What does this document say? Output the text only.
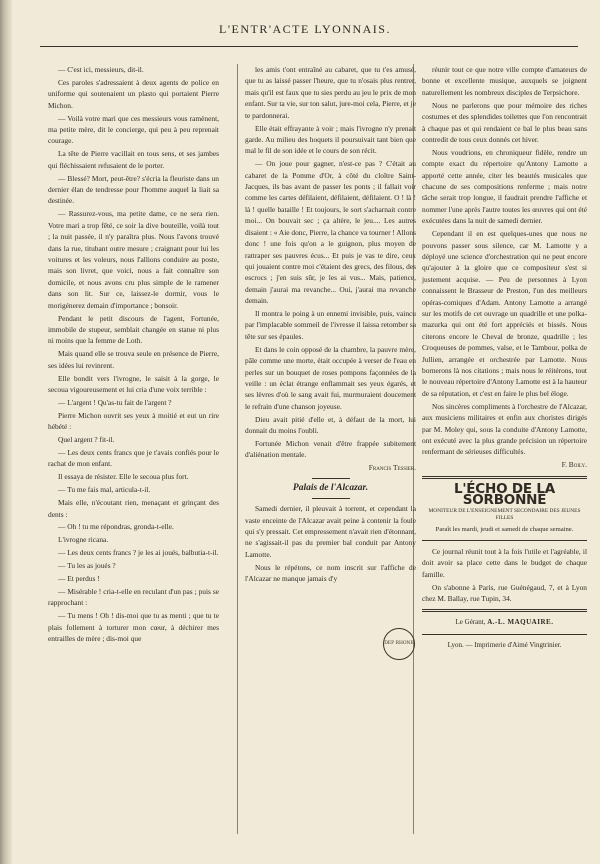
L'ENTR'ACTE LYONNAIS.

— C'est ici, messieurs, dit-il.

Ces paroles s'adressaient à deux agents de police en uniforme qui soutenaient un plasto qui portaient Pierre Michon.

— Voilà votre mari que ces messieurs vous ramènent, ma petite mère, dit le concierge, qui peu à peu reprenait courage.

La tête de Pierre vacillait en tous sens, et ses jambes qui fléchissaient refusaient de le porter.

— Blessé? Mort, peut-être? s'écria la fleuriste dans un dernier élan de tendresse pour l'homme auquel la liait sa destinée.

— Rassurez-vous, ma petite dame, ce ne sera rien. Votre mari a trop fêté, ce soir la dive bouteille, voilà tout ; la nuit passée, il n'y paraîtra plus. Nous l'avons trouvé dans la rue, titubant outre mesure ; craignant pour lui les voitures et les voleurs, nous l'allions conduire au poste, mais son livret, que voici, nous a fait connaître son domicile, et nous avons cru plus simple de le ramener dans son lit. Sur ce, laissez-le dormir, vous le morigénerez demain d'importance ; bonsoir.

Pendant le petit discours de l'agent, Fortunée, immobile de stupeur, semblait changée en statue ni plus ni moins que la femme de Loth.

Mais quand elle se trouva seule en présence de Pierre, ses idées lui revinrent.

Elle bondit vers l'ivrogne, le saisit à la gorge, le secoua vigoureusement et lui cria d'une voix terrible :

— L'argent ! Qu'as-tu fait de l'argent ?

Pierre Michon ouvrit ses yeux à moitié et eut un rire hébété :

Quel argent ? fit-il.

— Les deux cents francs que je t'avais confiés pour le rachat de mon enfant.

Il essaya de résister. Elle le secoua plus fort.

— Tu me fais mal, articula-t-il.

Mais elle, n'écoutant rien, menaçant et grinçant des dents :

— Oh ! tu me répondras, gronda-t-elle.

L'ivrogne ricana.

— Les deux cents francs ? je les ai joués, balbutia-t-il.

— Tu les as joués ?

— Et perdus !

— Misérable ! cria-t-elle en reculant d'un pas ; puis se rapprochant :

— Tu mens ! Oh ! dis-moi que tu as menti ; que tu te plais follement à torturer mon cœur, à déchirer mes entrailles de mère ; dis-moi que

les amis t'ont entraîné au cabaret, que tu t'es amusé, que tu as laissé passer l'heure, que tu n'osais plus rentrer, mais qu'il est faux que tu sies perdu au jeu le prix de mon enfant. Sur ta vie, sur ton salut, jure-moi cela, Pierre, et je te pardonnerai.

Elle était effrayante à voir ; mais l'ivrogne n'y prenait garde. Au milieu des hoquets il poursuivait tant bien que mal le fil de son idée et le cours de son récit.

— On joue pour gagner, n'est-ce pas ? C'était au cabaret de la Pomme d'Or, à côté du cloître Saint-Jacques, ils bas avant de passer les ponts ; il fallait voir comme les cartes défilaient, défilaient, défilaient. O ! là ! là ! quelle bataille ! Et toujours, le sort s'acharnait contre moi... On bouvait sec ; ça altère, le jeu.... Les autres disaient : « Aie donc, Pierre, la chance va tourner ! Allons donc ! une fois qu'on a le guignon, plus moyen de rattraper ses pauvres écus... Et puis je vas te dire, ceux qui jouaient contre moi c'étaient des grecs, des filous, des escrocs ; j'en suis sûr, je les ai vus... Mais, patience, demain j'aurai ma revanche... Oui, j'aurai ma revanche demain.

Il montra le poing à un ennemi invisible, puis, vaincu par l'implacable sommeil de l'ivresse il laissa retomber sa tête sur ses épaules.

Et dans le coin opposé de la chambre, la pauvre mère, pâle comme une morte, était occupée à verser de l'eau en perles sur un bouquet de roses pompons façonnées de la veille : un éclat étrange enflammait ses yeux égarés, et ses lèvres d'où le sang avait fui, murmuraient doucement le refrain d'une chanson joyeuse.

Dieu avait pitié d'elle et, à défaut de la mort, lui donnait du moins l'oubli.

Fortunée Michon venait d'être frappée subitement d'aliénation mentale.

Francis Tessier.

Palais de l'Alcazar.

Samedi dernier, il pleuvait à torrent, et cependant la vaste enceinte de l'Alcazar avait peine à contenir la foule qui s'y pressait. Cet empressement n'avait rien d'étonnant, ne s'agissait-il pas du premier bal conduit par Antony Lamotte.

Nous le répétons, ce nom inscrit sur l'affiche de l'Alcazar ne manque jamais d'y

DEP RHONE

réunir tout ce que notre ville compte d'amateurs de bonne et excellente musique, auxquels se joignent naturellement les nombreux disciples de Terpsichore.

Nous ne parlerons que pour mémoire des riches costumes et des splendides toilettes que l'on rencontrait à chaque pas et qui rendaient ce bal le plus beau sans contredit de tous ceux donnés cet hiver.

Nous voudrions, en chroniqueur fidèle, rendre un compte exact du répertoire qu'Antony Lamotte a apporté cette année, citer les beautés musicales que chacune de ses compositions renferme ; mais notre tâche serait trop longue, il faudrait prendre l'affiche et nommer l'une après l'autre toutes les œuvres qui ont été exécutées dans la nuit de samedi dernier.

Cependant il en est quelques-unes que nous ne pouvons passer sous silence, car M. Lamotte y a déployé une science d'orchestration qui ne peut encore qu'ajouter à la gloire que ce compositeur s'est si justement acquise. — Peu de personnes à Lyon connaissent le Brasseur de Preston, l'un des meilleurs opéras-comiques d'Adam. Antony Lamotte a arrangé sur les motifs de cet ouvrage un quadrille et une polka-mazurka qui ont été fort appréciés et bissés. Nous citerons encore le Cheval de bronze, quadrille ; les Croqueuses de pommes, valse, et le Tambour, polka de Jullien, arrangée et orchestrée par Lamotte. Nous bornerons là nos citations ; mais nous le réitérons, tout le nouveau répertoire d'Antony Lamotte est à la hauteur de sa réputation, et c'est en faire le plus bel éloge.

Nos sincères compliments à l'orchestre de l'Alcazar, aux musiciens militaires et enfin aux choristes dirigés par M. Moley qui, sous la conduite d'Antony Lamotte, ont exécuté avec la plus grande précision un répertoire renfermant de sérieuses difficultés.

F. Boily.

L'ÉCHO DE LA SORBONNE

MONITEUR DE L'ENSEIGNEMENT SECONDAIRE DES JEUNES FILLES

Paraît les mardi, jeudi et samedi de chaque semaine.

Ce journal réunit tout à la fois l'utile et l'agréable, il doit avoir sa place cette dans le budget de chaque famille.

On s'abonne à Paris, rue Guénégaud, 7, et à Lyon chez M. Ballay, rue Tupin, 34.

Le Gérant, A.-L. MAQUAIRE.

Lyon. — Imprimerie d'Aimé Vingtrinier.
